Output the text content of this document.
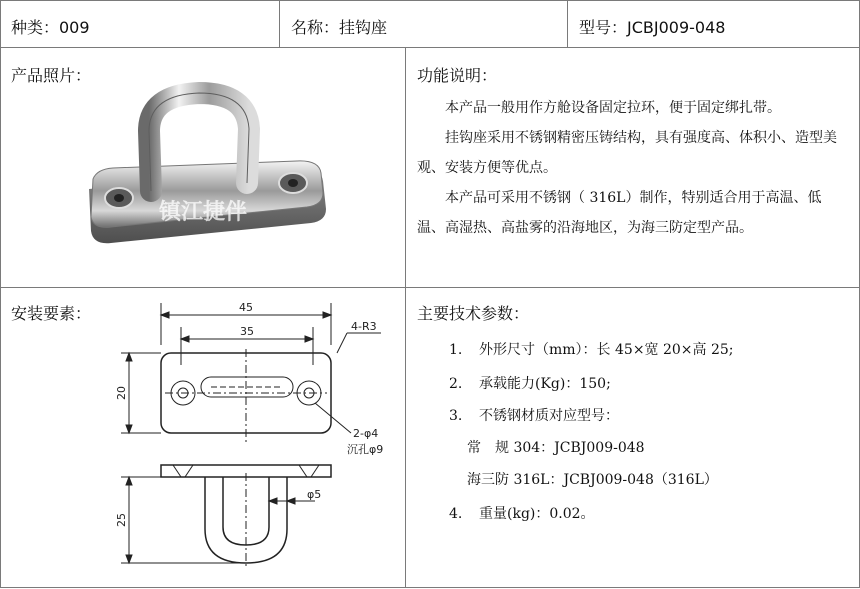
种类：009	名称：挂钩座	型号：JCBJ009-048
产品照片：
镇江捷伴
功能说明：

本产品一般用作方舱设备固定拉环，便于固定绑扎带。

挂钩座采用不锈钢精密压铸结构，具有强度高、体积小、造型美观、安装方便等优点。

本产品可采用不锈钢（ 316L）制作，特别适合用于高温、低温、高湿热、高盐雾的沿海地区，为海三防定型产品。

安装要素：	45
35	4-R3
20
2-φ4
沉孔φ9
φ5
25
主要技术参数：
1. 外形尺寸（mm）：长 45×宽 20×高 25;
2. 承载能力(Kg)：150;
3. 不锈钢材质对应型号：
常　规 304：JCBJ009-048
海三防 316L：JCBJ009-048（316L）
4. 重量(kg)：0.02。
